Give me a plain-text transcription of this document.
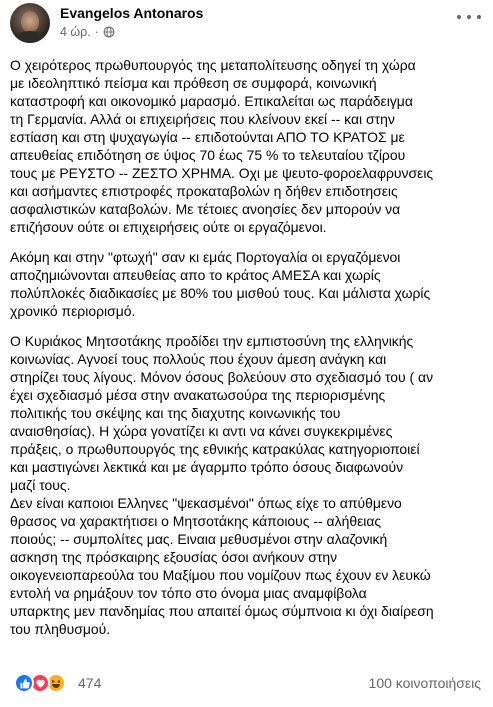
Evangelos Antonaros
4 ώρ. ·

Ο χειρότερος πρωθυπουργός της μεταπολίτευσης οδηγεί τη χώρα
με ιδεοληπτικό πείσμα και πρόθεση σε συμφορά, κοινωνική
καταστροφή και οικονομικό μαρασμό. Επικαλείται ως παράδειγμα
τη Γερμανία. Αλλά οι επιχειρήσεις που κλείνουν εκεί -- και στην
εστίαση και στη ψυχαγωγία -- επιδοτούνται ΑΠΟ ΤΟ ΚΡΑΤΟΣ με
απευθείας επιδότηση σε ύψος 70 έως 75 % το τελευταίου τζίρου
τους με ΡΕΥΣΤΟ -- ΖΕΣΤΟ ΧΡΗΜΑ. Οχι με ψευτο-φοροελαφρυνσεις
και ασήμαντες επιστροφές προκαταβολών η δήθεν επιδοτησεις
ασφαλιστικών καταβολών. Με τέτοιες ανοησίες δεν μπορούν να
επιζήσουν ούτε οι επιχειρήσεις ούτε οι εργαζόμενοι.

Ακόμη και στην "φτωχή" σαν κι εμάς Πορτογαλία οι εργαζόμενοι
αποζημιώνονται απευθείας απο το κράτος ΑΜΕΣΑ και χωρίς
πολύπλοκές διαδικασίες με 80% του μισθού τους. Και μάλιστα χωρίς
χρονικό περιορισμό.

Ο Κυριάκος Μητσοτάκης προδίδει την εμπιστοσύνη της ελληνικής
κοινωνίας. Αγνοεί τους πολλούς που έχουν άμεση ανάγκη και
στηρίζει τους λίγους. Μόνον όσους βολεύουν στο σχεδιασμό του ( αν
έχει σχεδιασμό μέσα στην ανακατωσούρα της περιορισμένης
πολιτικής του σκέψης και της διαχυτης κοινωνικής του
αναισθησίας). Η χώρα γονατίζει κι αντι να κάνει συγκεκριμένες
πράξεις, ο πρωθυπουργός της εθνικής κατρακύλας κατηγοριοποιεί
και μαστιγώνει λεκτικά και με άγαρμπο τρόπο όσους διαφωνούν
μαζί τους.
Δεν είναι καποιοι Ελληνες "ψεκασμένοι" όπως είχε το απύθμενο
θρασος να χαρακτήτισει ο Μητσοτάκης κάποιους -- αλήθειας
ποιούς; -- συμπολίτες μας. Ειναια μεθυσμένοι στην αλαζονική
ασκηση της πρόσκαιρης εξουσίας όσοι ανήκουν στην
οικογενειοπαρεούλα του Μαξίμου που νομίζουν πως έχουν εν λευκώ
εντολή να ρημάξουν τον τόπο στο όνομα μιας αναμφίβολα
υπαρκτης μεν πανδημίας που απαιτεί όμως σύμπνοια κι όχι διαίρεση
του πληθυσμού.

474	100 κοινοποιήσεις
